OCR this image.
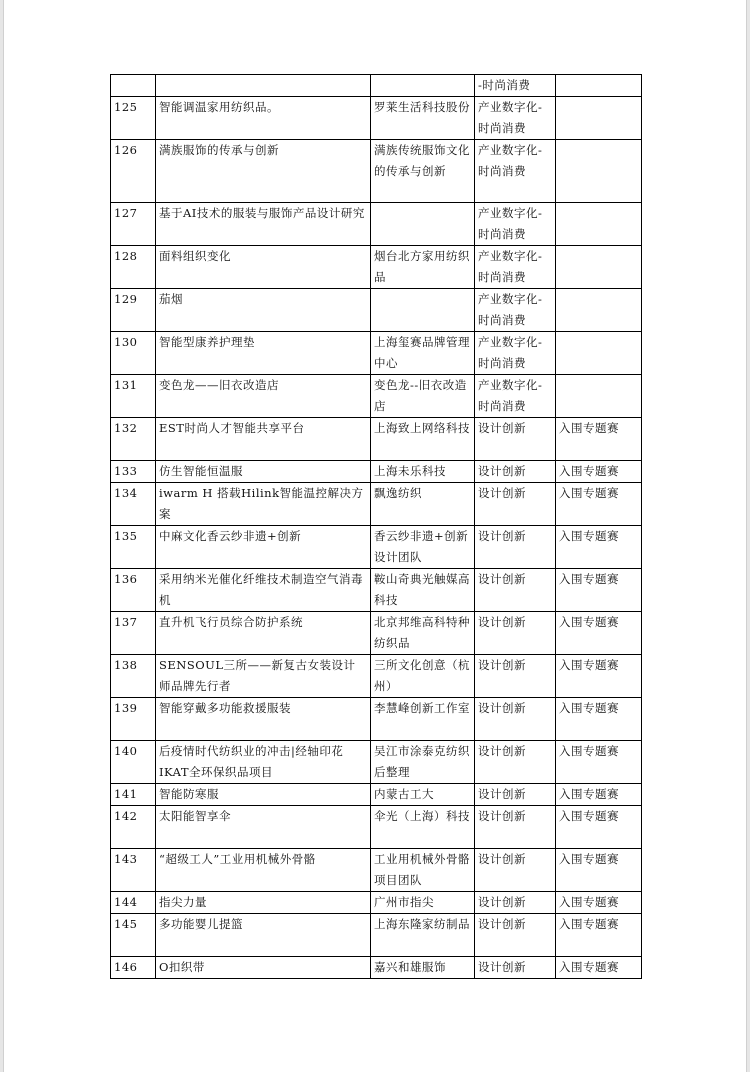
			-时尚消费	
125	智能调温家用纺织品。	罗莱生活科技股份	产业数字化-时尚消费	
126	满族服饰的传承与创新	满族传统服饰文化的传承与创新	产业数字化-时尚消费	
127	基于AI技术的服装与服饰产品设计研究		产业数字化-时尚消费	
128	面料组织变化	烟台北方家用纺织品	产业数字化-时尚消费	
129	茄烟		产业数字化-时尚消费	
130	智能型康养护理垫	上海玺赛品牌管理中心	产业数字化-时尚消费	
131	变色龙——旧衣改造店	变色龙--旧衣改造店	产业数字化-时尚消费	
132	EST时尚人才智能共享平台	上海致上网络科技	设计创新	入围专题赛
133	仿生智能恒温服	上海未乐科技	设计创新	入围专题赛
134	iwarm H 搭载Hilink智能温控解决方案	飘逸纺织	设计创新	入围专题赛
135	中麻文化香云纱非遗+创新	香云纱非遗+创新设计团队	设计创新	入围专题赛
136	采用纳米光催化纤维技术制造空气消毒机	鞍山奇典光触媒高科技	设计创新	入围专题赛
137	直升机飞行员综合防护系统	北京邦维高科特种纺织品	设计创新	入围专题赛
138	SENSOUL三所——新复古女装设计师品牌先行者	三所文化创意（杭州）	设计创新	入围专题赛
139	智能穿戴多功能救援服装	李慧峰创新工作室	设计创新	入围专题赛
140	后疫情时代纺织业的冲击|经轴印花IKAT全环保织品项目	吴江市涂泰克纺织后整理	设计创新	入围专题赛
141	智能防寒服	内蒙古工大	设计创新	入围专题赛
142	太阳能智享伞	伞光（上海）科技	设计创新	入围专题赛
143	“超级工人”工业用机械外骨骼	工业用机械外骨骼项目团队	设计创新	入围专题赛
144	指尖力量	广州市指尖	设计创新	入围专题赛
145	多功能婴儿提篮	上海东隆家纺制品	设计创新	入围专题赛
146	O扣织带	嘉兴和雄服饰	设计创新	入围专题赛
